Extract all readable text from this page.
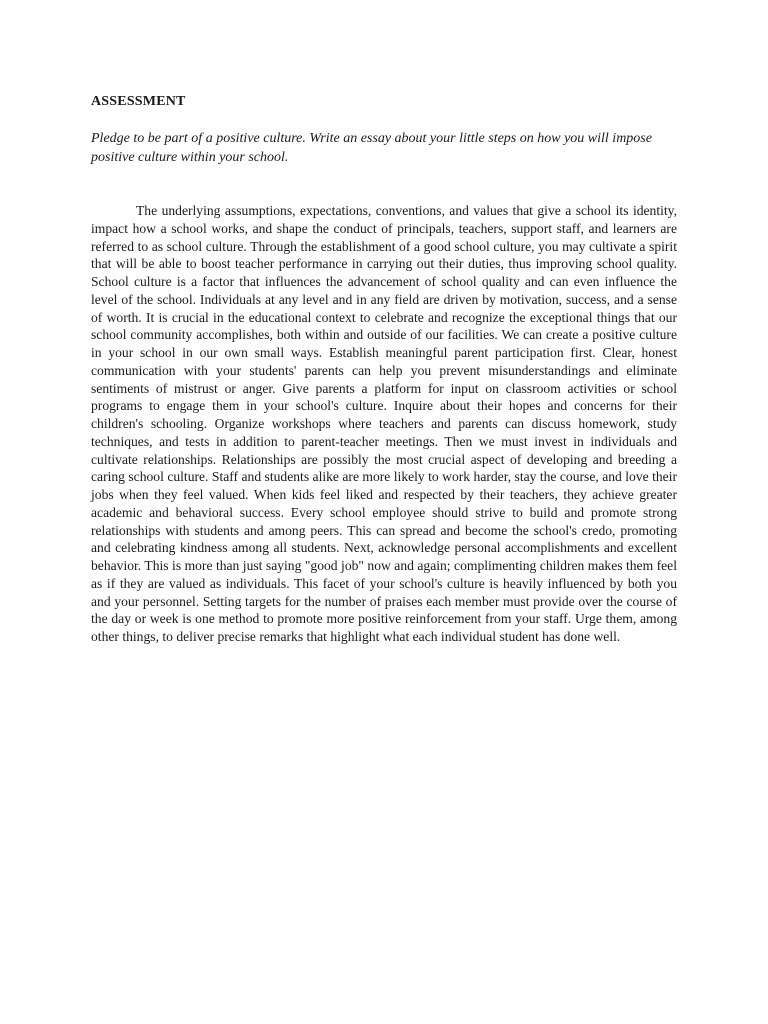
ASSESSMENT

Pledge to be part of a positive culture. Write an essay about your little steps on how you will impose positive culture within your school.

The underlying assumptions, expectations, conventions, and values that give a school its identity, impact how a school works, and shape the conduct of principals, teachers, support staff, and learners are referred to as school culture. Through the establishment of a good school culture, you may cultivate a spirit that will be able to boost teacher performance in carrying out their duties, thus improving school quality. School culture is a factor that influences the advancement of school quality and can even influence the level of the school. Individuals at any level and in any field are driven by motivation, success, and a sense of worth. It is crucial in the educational context to celebrate and recognize the exceptional things that our school community accomplishes, both within and outside of our facilities. We can create a positive culture in your school in our own small ways. Establish meaningful parent participation first. Clear, honest communication with your students' parents can help you prevent misunderstandings and eliminate sentiments of mistrust or anger. Give parents a platform for input on classroom activities or school programs to engage them in your school's culture. Inquire about their hopes and concerns for their children's schooling. Organize workshops where teachers and parents can discuss homework, study techniques, and tests in addition to parent-teacher meetings. Then we must invest in individuals and cultivate relationships. Relationships are possibly the most crucial aspect of developing and breeding a caring school culture. Staff and students alike are more likely to work harder, stay the course, and love their jobs when they feel valued. When kids feel liked and respected by their teachers, they achieve greater academic and behavioral success. Every school employee should strive to build and promote strong relationships with students and among peers. This can spread and become the school's credo, promoting and celebrating kindness among all students. Next, acknowledge personal accomplishments and excellent behavior. This is more than just saying "good job" now and again; complimenting children makes them feel as if they are valued as individuals. This facet of your school's culture is heavily influenced by both you and your personnel. Setting targets for the number of praises each member must provide over the course of the day or week is one method to promote more positive reinforcement from your staff. Urge them, among other things, to deliver precise remarks that highlight what each individual student has done well.
